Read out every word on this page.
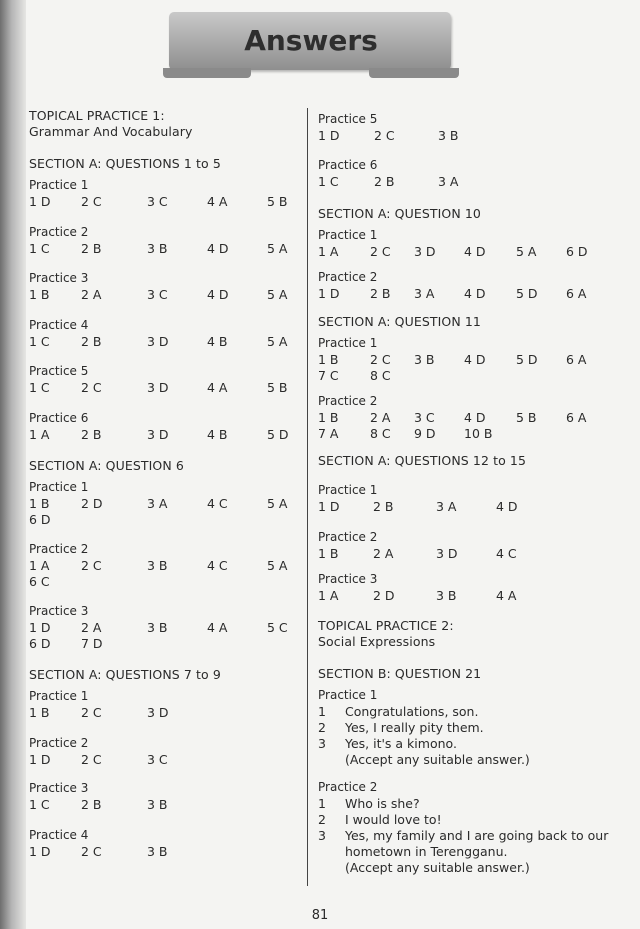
Answers
TOPICAL PRACTICE 1:
Grammar And Vocabulary
SECTION A: QUESTIONS 1 to 5
Practice 1
1 D 2 C	3 C	4 A	5 B
Practice 2
1 C	2 B	3 B	4 D	5 A
Practice 3
1 B	2 A	3 C	4 D	5 A
Practice 4
1 C	2 B	3 D	4 B	5 A
Practice 5
1 C	2 C	3 D	4 A	5 B
Practice 6
1 A	2 B	3 D	4 B	5 D
SECTION A: QUESTION 6
Practice 1
1 B	2 D	3 A	4 C	5 A
6 D
Practice 2
1 A	2 C	3 B	4 C	5 A
6 C
Practice 3
1 D 2 A	3 B	4 A	5 C
6 D 7 D
SECTION A: QUESTIONS 7 to 9
Practice 1
1 B	2 C	3 D
Practice 2
1 D 2 C	3 C
Practice 3
1 C	2 B	3 B
Practice 4
1 D 2 C	3 B
Practice 5
1 D	2 C	3 B
Practice 6
1 C	2 B	3 A
SECTION A: QUESTION 10
Practice 1
1 A	2 C 3 D 4 D 5 A 6 D
Practice 2
1 D 2 B 3 A 4 D 5 D 6 A
SECTION A: QUESTION 11
Practice 1
1 B	2 C 3 B 4 D 5 D 6 A
7 C	8 C
Practice 2
1 B	2 A 3 C 4 D 5 B 6 A
7 A	8 C 9 D 10 B
SECTION A: QUESTIONS 12 to 15
Practice 1
1 D	2 B	3 A	4 D
Practice 2
1 B	2 A	3 D	4 C
Practice 3
1 A	2 D	3 B	4 A
TOPICAL PRACTICE 2:
Social Expressions
SECTION B: QUESTION 21
Practice 1
1 Congratulations, son.
2 Yes, I really pity them.
3 Yes, it's a kimono.
(Accept any suitable answer.)
Practice 2
1 Who is she?
2 I would love to!
3 Yes, my family and I are going back to our
hometown in Terengganu.
(Accept any suitable answer.)
81
